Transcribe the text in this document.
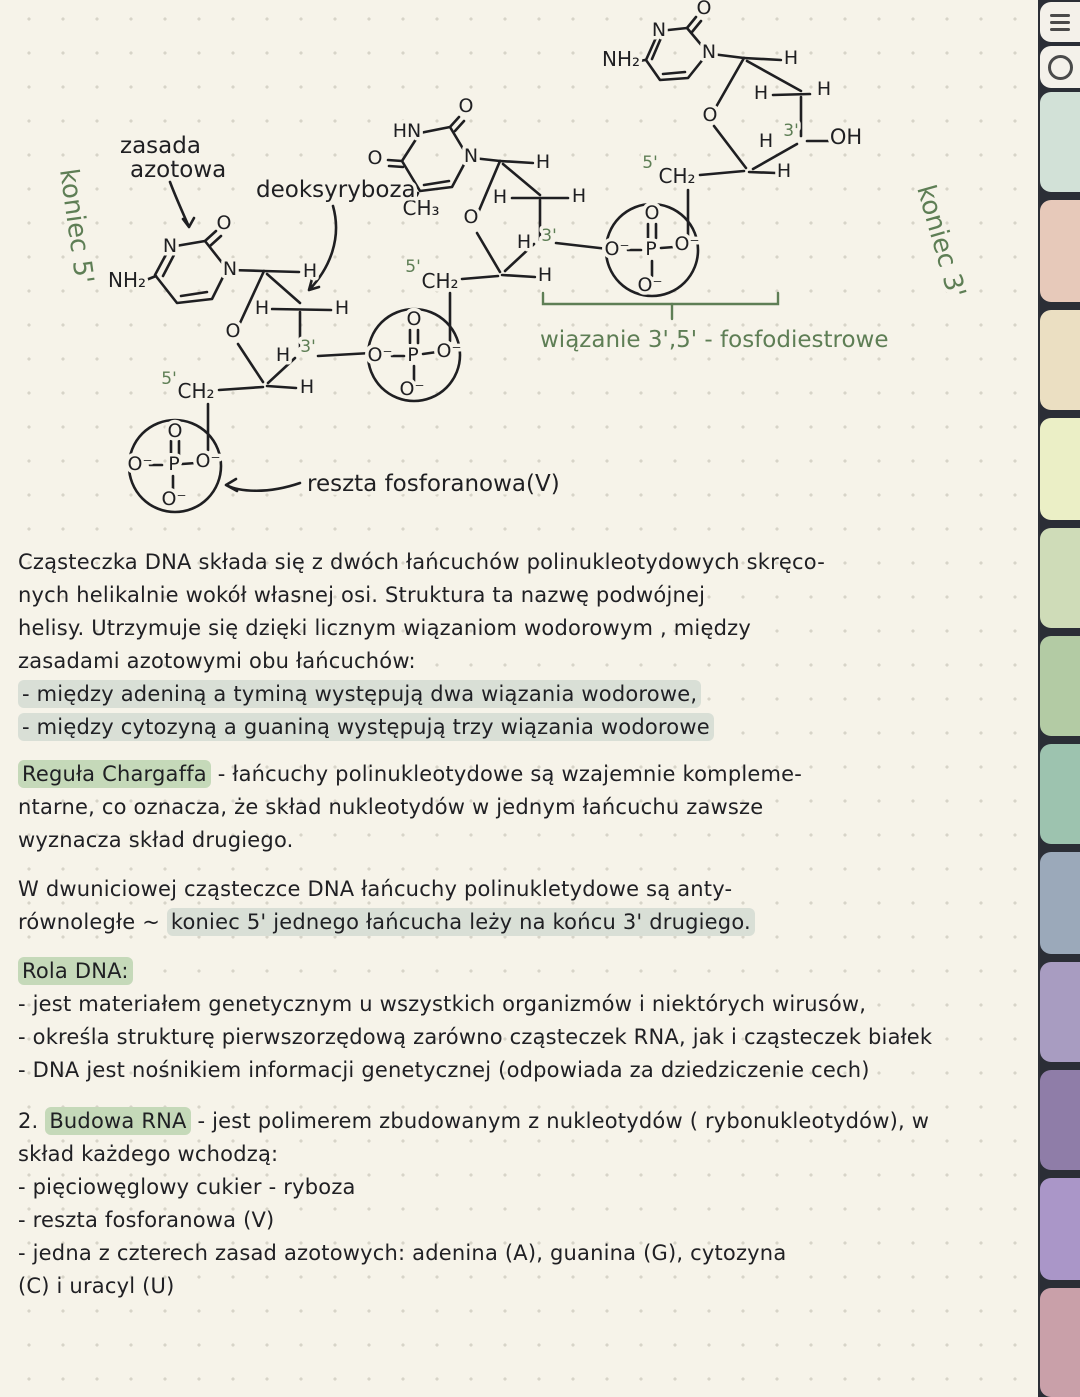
N
N
O
NH₂	H
O
H	H
H 3'
H
5' CH₂
O
O⁻ P O⁻
O⁻
reszta fosforanowa(V)
HN
O
O	N
CH₃
H
O
H	H
H 3'
H
5'
CH₂
O
O⁻ P O⁻
O⁻
N
N
O
NH₂	H
O
H	H
H 3' OH
H
5'
CH₂
O
O⁻ P O⁻
O⁻
koniec 5'	koniec 3'
wiązanie 3',5' - fosfodiestrowe
zasada
azotowa
deoksyryboza
Cząsteczka DNA składa się z dwóch łańcuchów polinukleotydowych skręco-
nych helikalnie wokół własnej osi. Struktura ta nazwę podwójnej
helisy. Utrzymuje się dzięki licznym wiązaniom wodorowym , między
zasadami azotowymi obu łańcuchów:
- między adeniną a tyminą występują dwa wiązania wodorowe,
- między cytozyną a guaniną występują trzy wiązania wodorowe
Reguła Chargaffa - łańcuchy polinukleotydowe są wzajemnie kompleme-
ntarne, co oznacza, że skład nukleotydów w jednym łańcuchu zawsze
wyznacza skład drugiego.
W dwuniciowej cząsteczce DNA łańcuchy polinukletydowe są anty-
równoległe ~ koniec 5' jednego łańcucha leży na końcu 3' drugiego.
Rola DNA:
- jest materiałem genetycznym u wszystkich organizmów i niektórych wirusów,
- określa strukturę pierwszorzędową zarówno cząsteczek RNA, jak i cząsteczek białek
- DNA jest nośnikiem informacji genetycznej (odpowiada za dziedziczenie cech)
2. Budowa RNA - jest polimerem zbudowanym z nukleotydów ( rybonukleotydów), w
skład każdego wchodzą:
- pięciowęglowy cukier - ryboza
- reszta fosforanowa (V)
- jedna z czterech zasad azotowych: adenina (A), guanina (G), cytozyna
(C) i uracyl (U)
